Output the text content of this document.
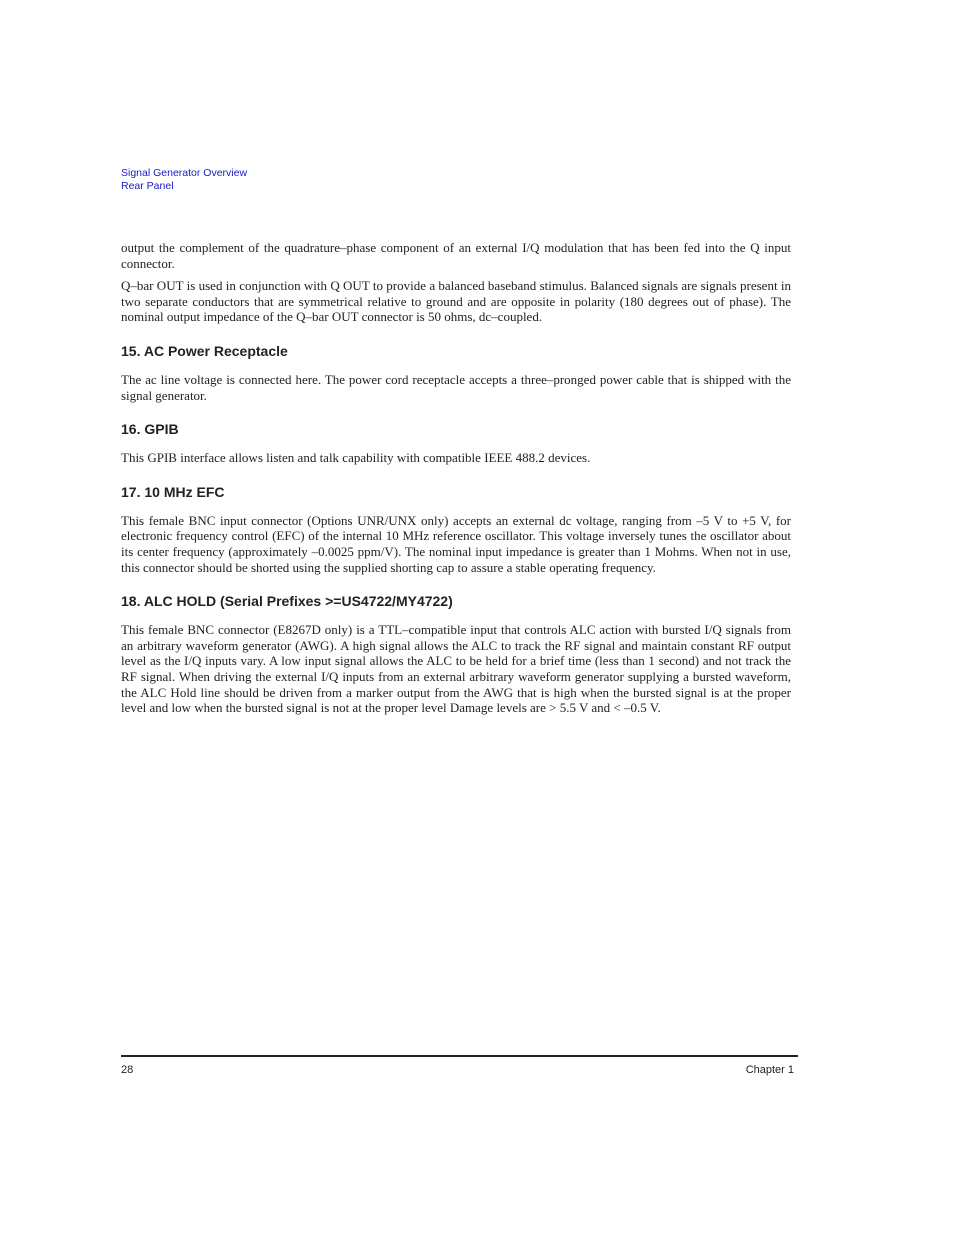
Signal Generator Overview
Rear Panel

output the complement of the quadrature–phase component of an external I/Q modulation that has been fed into the Q input connector.

Q–bar OUT is used in conjunction with Q OUT to provide a balanced baseband stimulus. Balanced signals are signals present in two separate conductors that are symmetrical relative to ground and are opposite in polarity (180 degrees out of phase). The nominal output impedance of the Q–bar OUT connector is 50 ohms, dc–coupled.

15. AC Power Receptacle

The ac line voltage is connected here. The power cord receptacle accepts a three–pronged power cable that is shipped with the signal generator.

16. GPIB

This GPIB interface allows listen and talk capability with compatible IEEE 488.2 devices.

17. 10 MHz EFC

This female BNC input connector (Options UNR/UNX only) accepts an external dc voltage, ranging from –5 V to +5 V, for electronic frequency control (EFC) of the internal 10 MHz reference oscillator. This voltage inversely tunes the oscillator about its center frequency (approximately –0.0025 ppm/V). The nominal input impedance is greater than 1 Mohms. When not in use, this connector should be shorted using the supplied shorting cap to assure a stable operating frequency.

18. ALC HOLD (Serial Prefixes >=US4722/MY4722)

This female BNC connector (E8267D only) is a TTL–compatible input that controls ALC action with bursted I/Q signals from an arbitrary waveform generator (AWG). A high signal allows the ALC to track the RF signal and maintain constant RF output level as the I/Q inputs vary. A low input signal allows the ALC to be held for a brief time (less than 1 second) and not track the RF signal. When driving the external I/Q inputs from an external arbitrary waveform generator supplying a bursted waveform, the ALC Hold line should be driven from a marker output from the AWG that is high when the bursted signal is at the proper level and low when the bursted signal is not at the proper level Damage levels are > 5.5 V and < –0.5 V.

28	Chapter 1
